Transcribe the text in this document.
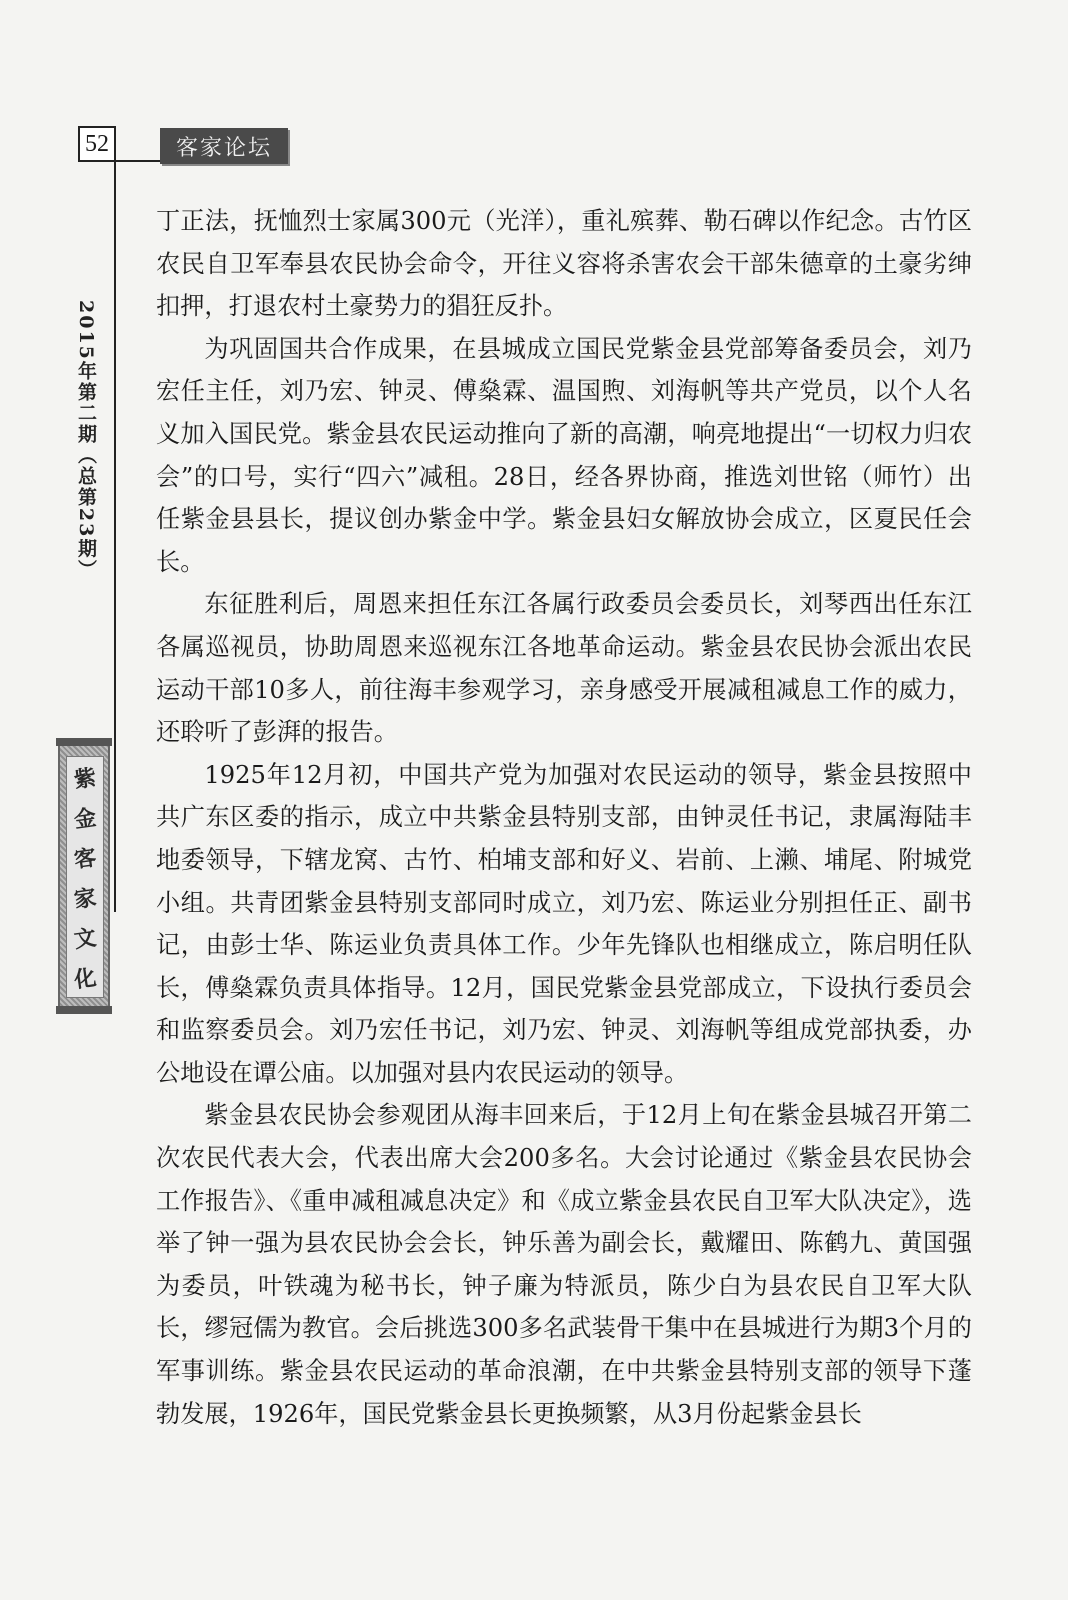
52	客家论坛
2015年第二期（总第23期）
紫
金
客
家
文
化

丁正法，抚恤烈士家属300元（光洋），重礼殡葬、勒石碑以作纪念。古竹区农民自卫军奉县农民协会命令，开往义容将杀害农会干部朱德章的土豪劣绅扣押，打退农村土豪势力的猖狂反扑。

为巩固国共合作成果，在县城成立国民党紫金县党部筹备委员会，刘乃宏任主任，刘乃宏、钟灵、傅燊霖、温国煦、刘海帆等共产党员，以个人名义加入国民党。紫金县农民运动推向了新的高潮，响亮地提出“一切权力归农会”的口号，实行“四六”减租。28日，经各界协商，推选刘世铭（师竹）出任紫金县县长，提议创办紫金中学。紫金县妇女解放协会成立，区夏民任会长。

东征胜利后，周恩来担任东江各属行政委员会委员长，刘琴西出任东江各属巡视员，协助周恩来巡视东江各地革命运动。紫金县农民协会派出农民运动干部10多人，前往海丰参观学习，亲身感受开展减租减息工作的威力，还聆听了彭湃的报告。

1925年12月初，中国共产党为加强对农民运动的领导，紫金县按照中共广东区委的指示，成立中共紫金县特别支部，由钟灵任书记，隶属海陆丰地委领导，下辖龙窝、古竹、柏埔支部和好义、岩前、上濑、埔尾、附城党小组。共青团紫金县特别支部同时成立，刘乃宏、陈运业分别担任正、副书记，由彭士华、陈运业负责具体工作。少年先锋队也相继成立，陈启明任队长，傅燊霖负责具体指导。12月，国民党紫金县党部成立，下设执行委员会和监察委员会。刘乃宏任书记，刘乃宏、钟灵、刘海帆等组成党部执委，办公地设在谭公庙。以加强对县内农民运动的领导。

紫金县农民协会参观团从海丰回来后，于12月上旬在紫金县城召开第二次农民代表大会，代表出席大会200多名。大会讨论通过《紫金县农民协会工作报告》、《重申减租减息决定》和《成立紫金县农民自卫军大队决定》，选举了钟一强为县农民协会会长，钟乐善为副会长，戴耀田、陈鹤九、黄国强为委员，叶铁魂为秘书长，钟子廉为特派员，陈少白为县农民自卫军大队长，缪冠儒为教官。会后挑选300多名武装骨干集中在县城进行为期3个月的军事训练。紫金县农民运动的革命浪潮，在中共紫金县特别支部的领导下蓬勃发展，1926年，国民党紫金县长更换频繁，从3月份起紫金县长
